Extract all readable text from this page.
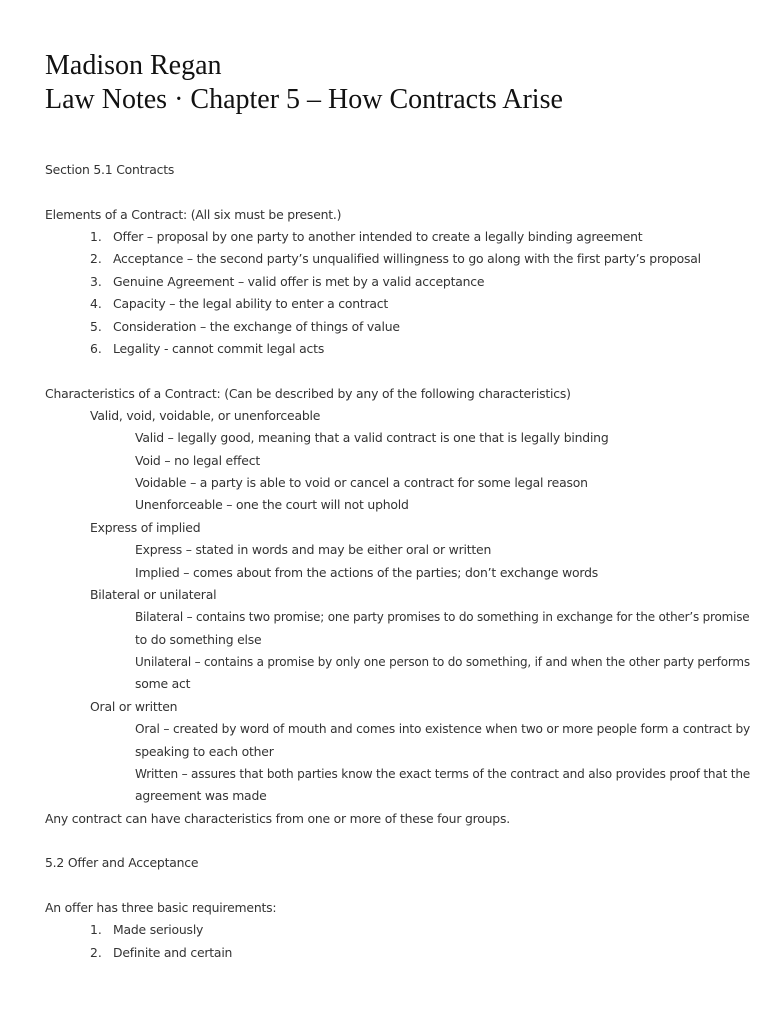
Madison Regan
Law Notes · Chapter 5 – How Contracts Arise
Section 5.1 Contracts
Elements of a Contract: (All six must be present.)
1. Offer – proposal by one party to another intended to create a legally binding agreement
2. Acceptance – the second party’s unqualified willingness to go along with the first party’s proposal
3. Genuine Agreement – valid offer is met by a valid acceptance
4. Capacity – the legal ability to enter a contract
5. Consideration – the exchange of things of value
6. Legality - cannot commit legal acts
Characteristics of a Contract: (Can be described by any of the following characteristics)
Valid, void, voidable, or unenforceable
Valid – legally good, meaning that a valid contract is one that is legally binding
Void – no legal effect
Voidable – a party is able to void or cancel a contract for some legal reason
Unenforceable – one the court will not uphold
Express of implied
Express – stated in words and may be either oral or written
Implied – comes about from the actions of the parties; don’t exchange words
Bilateral or unilateral
Bilateral – contains two promise; one party promises to do something in exchange for the other’s promise
to do something else
Unilateral – contains a promise by only one person to do something, if and when the other party performs
some act
Oral or written
Oral – created by word of mouth and comes into existence when two or more people form a contract by
speaking to each other
Written – assures that both parties know the exact terms of the contract and also provides proof that the
agreement was made
Any contract can have characteristics from one or more of these four groups.
5.2 Offer and Acceptance
An offer has three basic requirements:
1. Made seriously
2. Definite and certain
